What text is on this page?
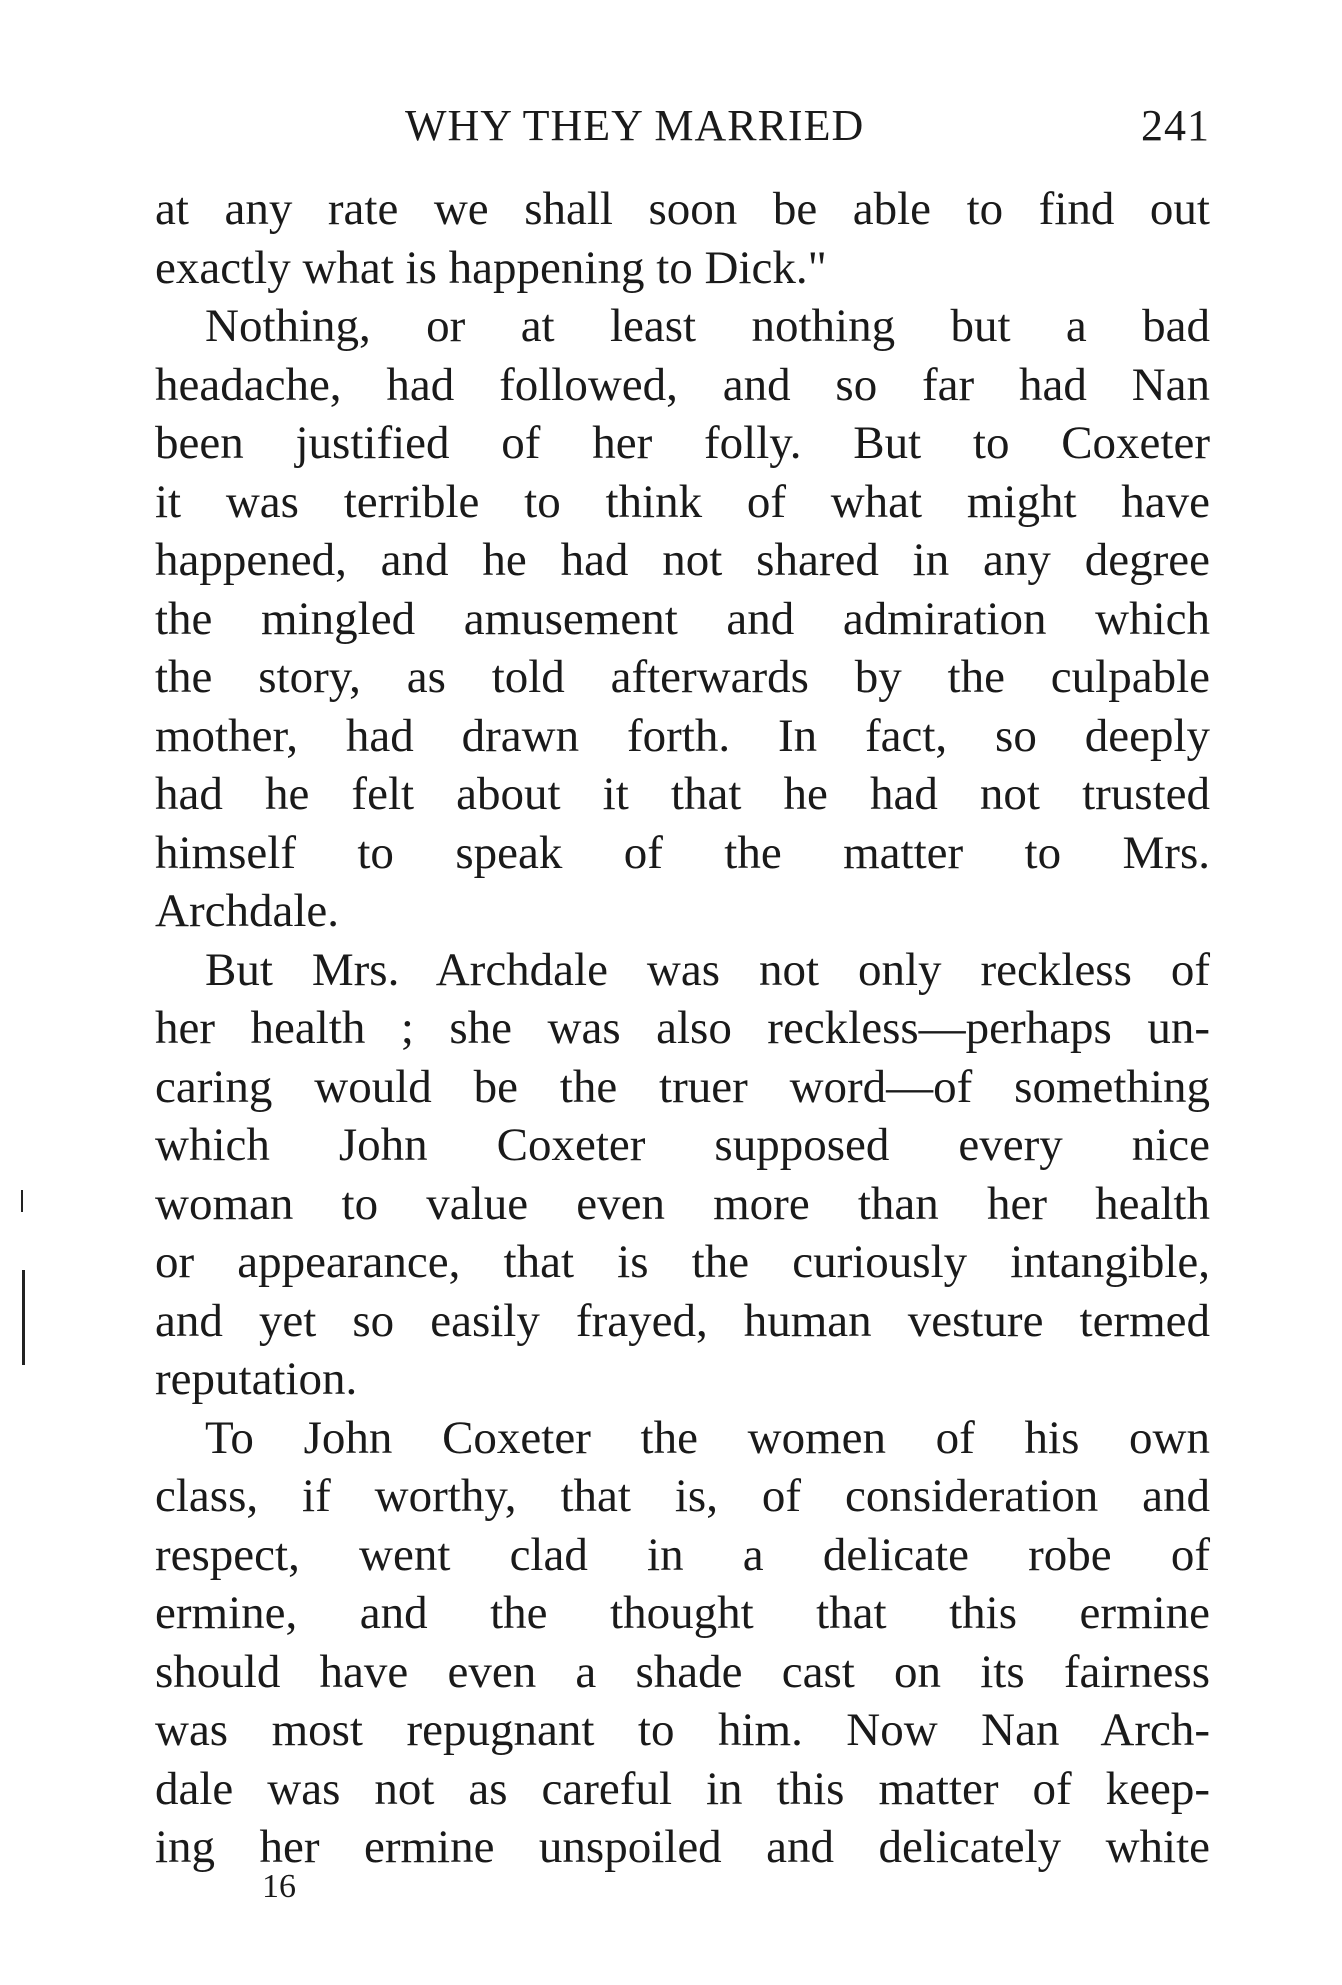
WHY THEY MARRIED	241
at any rate we shall soon be able to find out
exactly what is happening to Dick."
Nothing, or at least nothing but a bad
headache, had followed, and so far had Nan
been justified of her folly. But to Coxeter
it was terrible to think of what might have
happened, and he had not shared in any degree
the mingled amusement and admiration which
the story, as told afterwards by the culpable
mother, had drawn forth. In fact, so deeply
had he felt about it that he had not trusted
himself to speak of the matter to Mrs.
Archdale.
But Mrs. Archdale was not only reckless of
her health ; she was also reckless—perhaps un-
caring would be the truer word—of something
which John Coxeter supposed every nice
woman to value even more than her health
or appearance, that is the curiously intangible,
and yet so easily frayed, human vesture termed
reputation.
To John Coxeter the women of his own
class, if worthy, that is, of consideration and
respect, went clad in a delicate robe of
ermine, and the thought that this ermine
should have even a shade cast on its fairness
was most repugnant to him. Now Nan Arch-
dale was not as careful in this matter of keep-
ing her ermine unspoiled and delicately white
16
